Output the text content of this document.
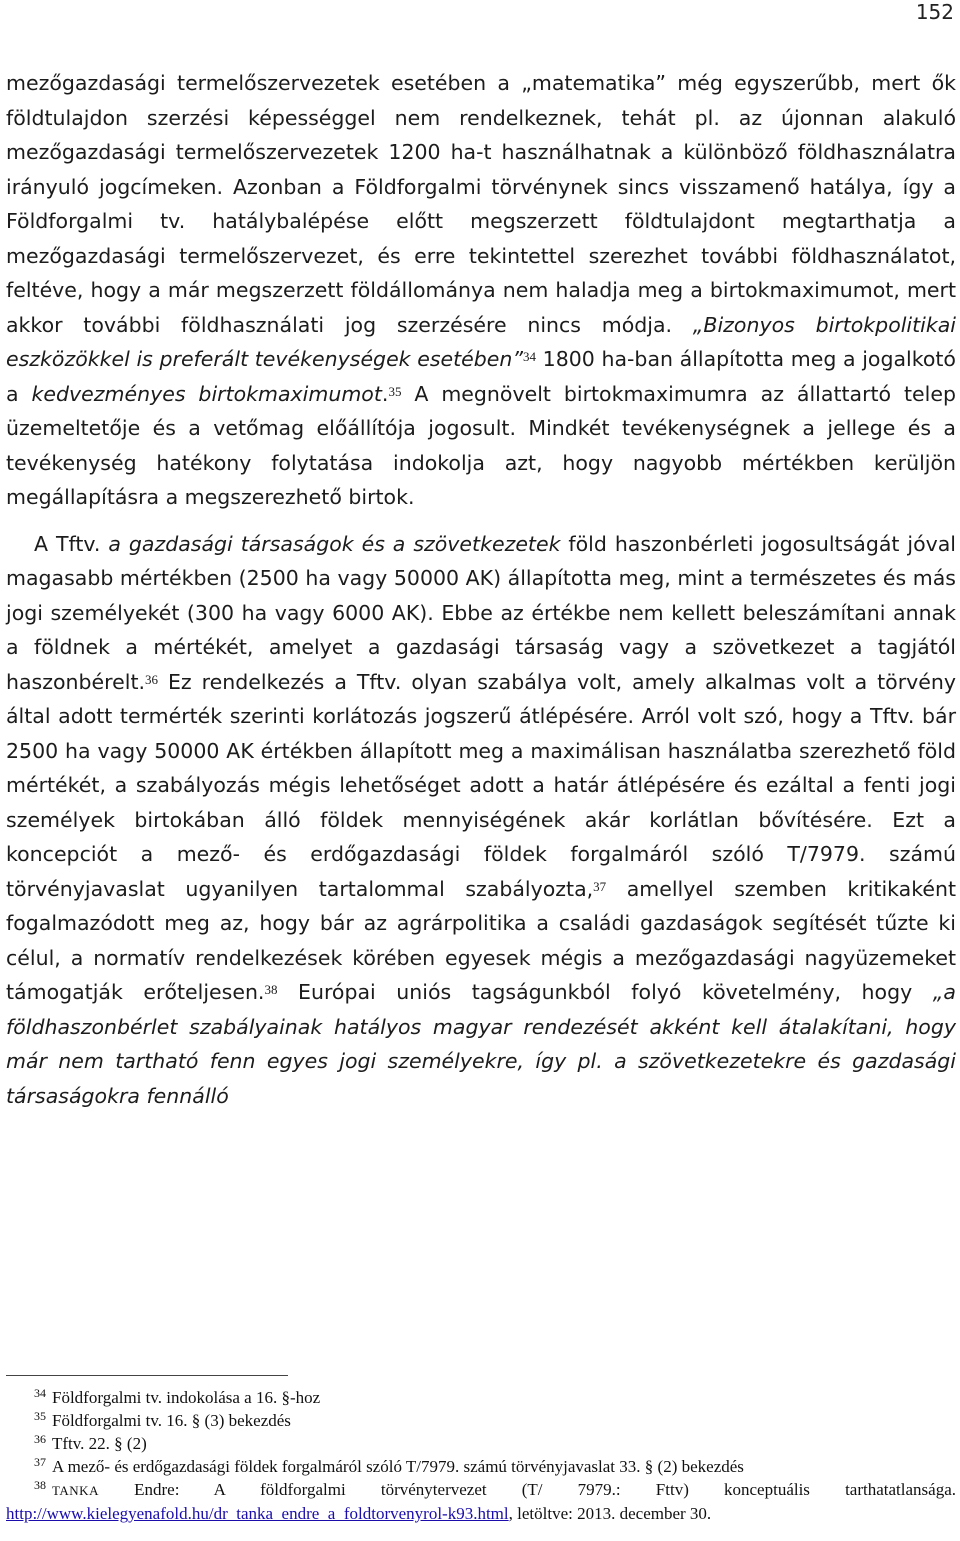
152

mezőgazdasági termelőszervezetek esetében a „matematika” még egyszerűbb, mert ők földtulajdon szerzési képességgel nem rendelkeznek, tehát pl. az újonnan alakuló mezőgazdasági termelőszervezetek 1200 ha-t használhatnak a különböző földhasználatra irányuló jogcímeken. Azonban a Földforgalmi törvénynek sincs visszamenő hatálya, így a Földforgalmi tv. hatálybalépése előtt megszerzett földtulajdont megtarthatja a mezőgazdasági termelőszervezet, és erre tekintettel szerezhet további földhasználatot, feltéve, hogy a már megszerzett földállománya nem haladja meg a birtokmaximumot, mert akkor további földhasználati jog szerzésére nincs módja. „Bizonyos birtokpolitikai eszközökkel is preferált tevékenységek esetében”$^{34}$ 1800 ha-ban állapította meg a jogalkotó a kedvezményes birtokmaximumot.$^{35}$ A megnövelt birtokmaximumra az állattartó telep üzemeltetője és a vetőmag előállítója jogosult. Mindkét tevékenységnek a jellege és a tevékenység hatékony folytatása indokolja azt, hogy nagyobb mértékben kerüljön megállapításra a megszerezhető birtok.

A Tftv. a gazdasági társaságok és a szövetkezetek föld haszonbérleti jogosultságát jóval magasabb mértékben (2500 ha vagy 50000 AK) állapította meg, mint a természetes és más jogi személyekét (300 ha vagy 6000 AK). Ebbe az értékbe nem kellett beleszámítani annak a földnek a mértékét, amelyet a gazdasági társaság vagy a szövetkezet a tagjától haszonbérelt.$^{36}$ Ez rendelkezés a Tftv. olyan szabálya volt, amely alkalmas volt a törvény által adott termérték szerinti korlátozás jogszerű átlépésére. Arról volt szó, hogy a Tftv. bár 2500 ha vagy 50000 AK értékben állapított meg a maximálisan használatba szerezhető föld mértékét, a szabályozás mégis lehetőséget adott a határ átlépésére és ezáltal a fenti jogi személyek birtokában álló földek mennyiségének akár korlátlan bővítésére. Ezt a koncepciót a mező- és erdőgazdasági földek forgalmáról szóló T/7979. számú törvényjavaslat ugyanilyen tartalommal szabályozta,$^{37}$ amellyel szemben kritikaként fogalmazódott meg az, hogy bár az agrárpolitika a családi gazdaságok segítését tűzte ki célul, a normatív rendelkezések körében egyesek mégis a mezőgazdasági nagyüzemeket támogatják erőteljesen.$^{38}$ Európai uniós tagságunkból folyó követelmény, hogy „a földhaszonbérlet szabályainak hatályos magyar rendezését akként kell átalakítani, hogy már nem tartható fenn egyes jogi személyekre, így pl. a szövetkezetekre és gazdasági társaságokra fennálló

$^{34}$ Földforgalmi tv. indokolása a 16. §-hoz
$^{35}$ Földforgalmi tv. 16. § (3) bekezdés
$^{36}$ Tftv. 22. § (2)
$^{37}$ A mező- és erdőgazdasági földek forgalmáról szóló T/7979. számú törvényjavaslat 33. § (2) bekezdés
$^{38}$ TANKA Endre: A földforgalmi törvénytervezet (T/ 7979.: Fttv) konceptuális tarthatatlansága.
http://www.kielegyenafold.hu/dr_tanka_endre_a_foldtorvenyrol-k93.html, letöltve: 2013. december 30.
